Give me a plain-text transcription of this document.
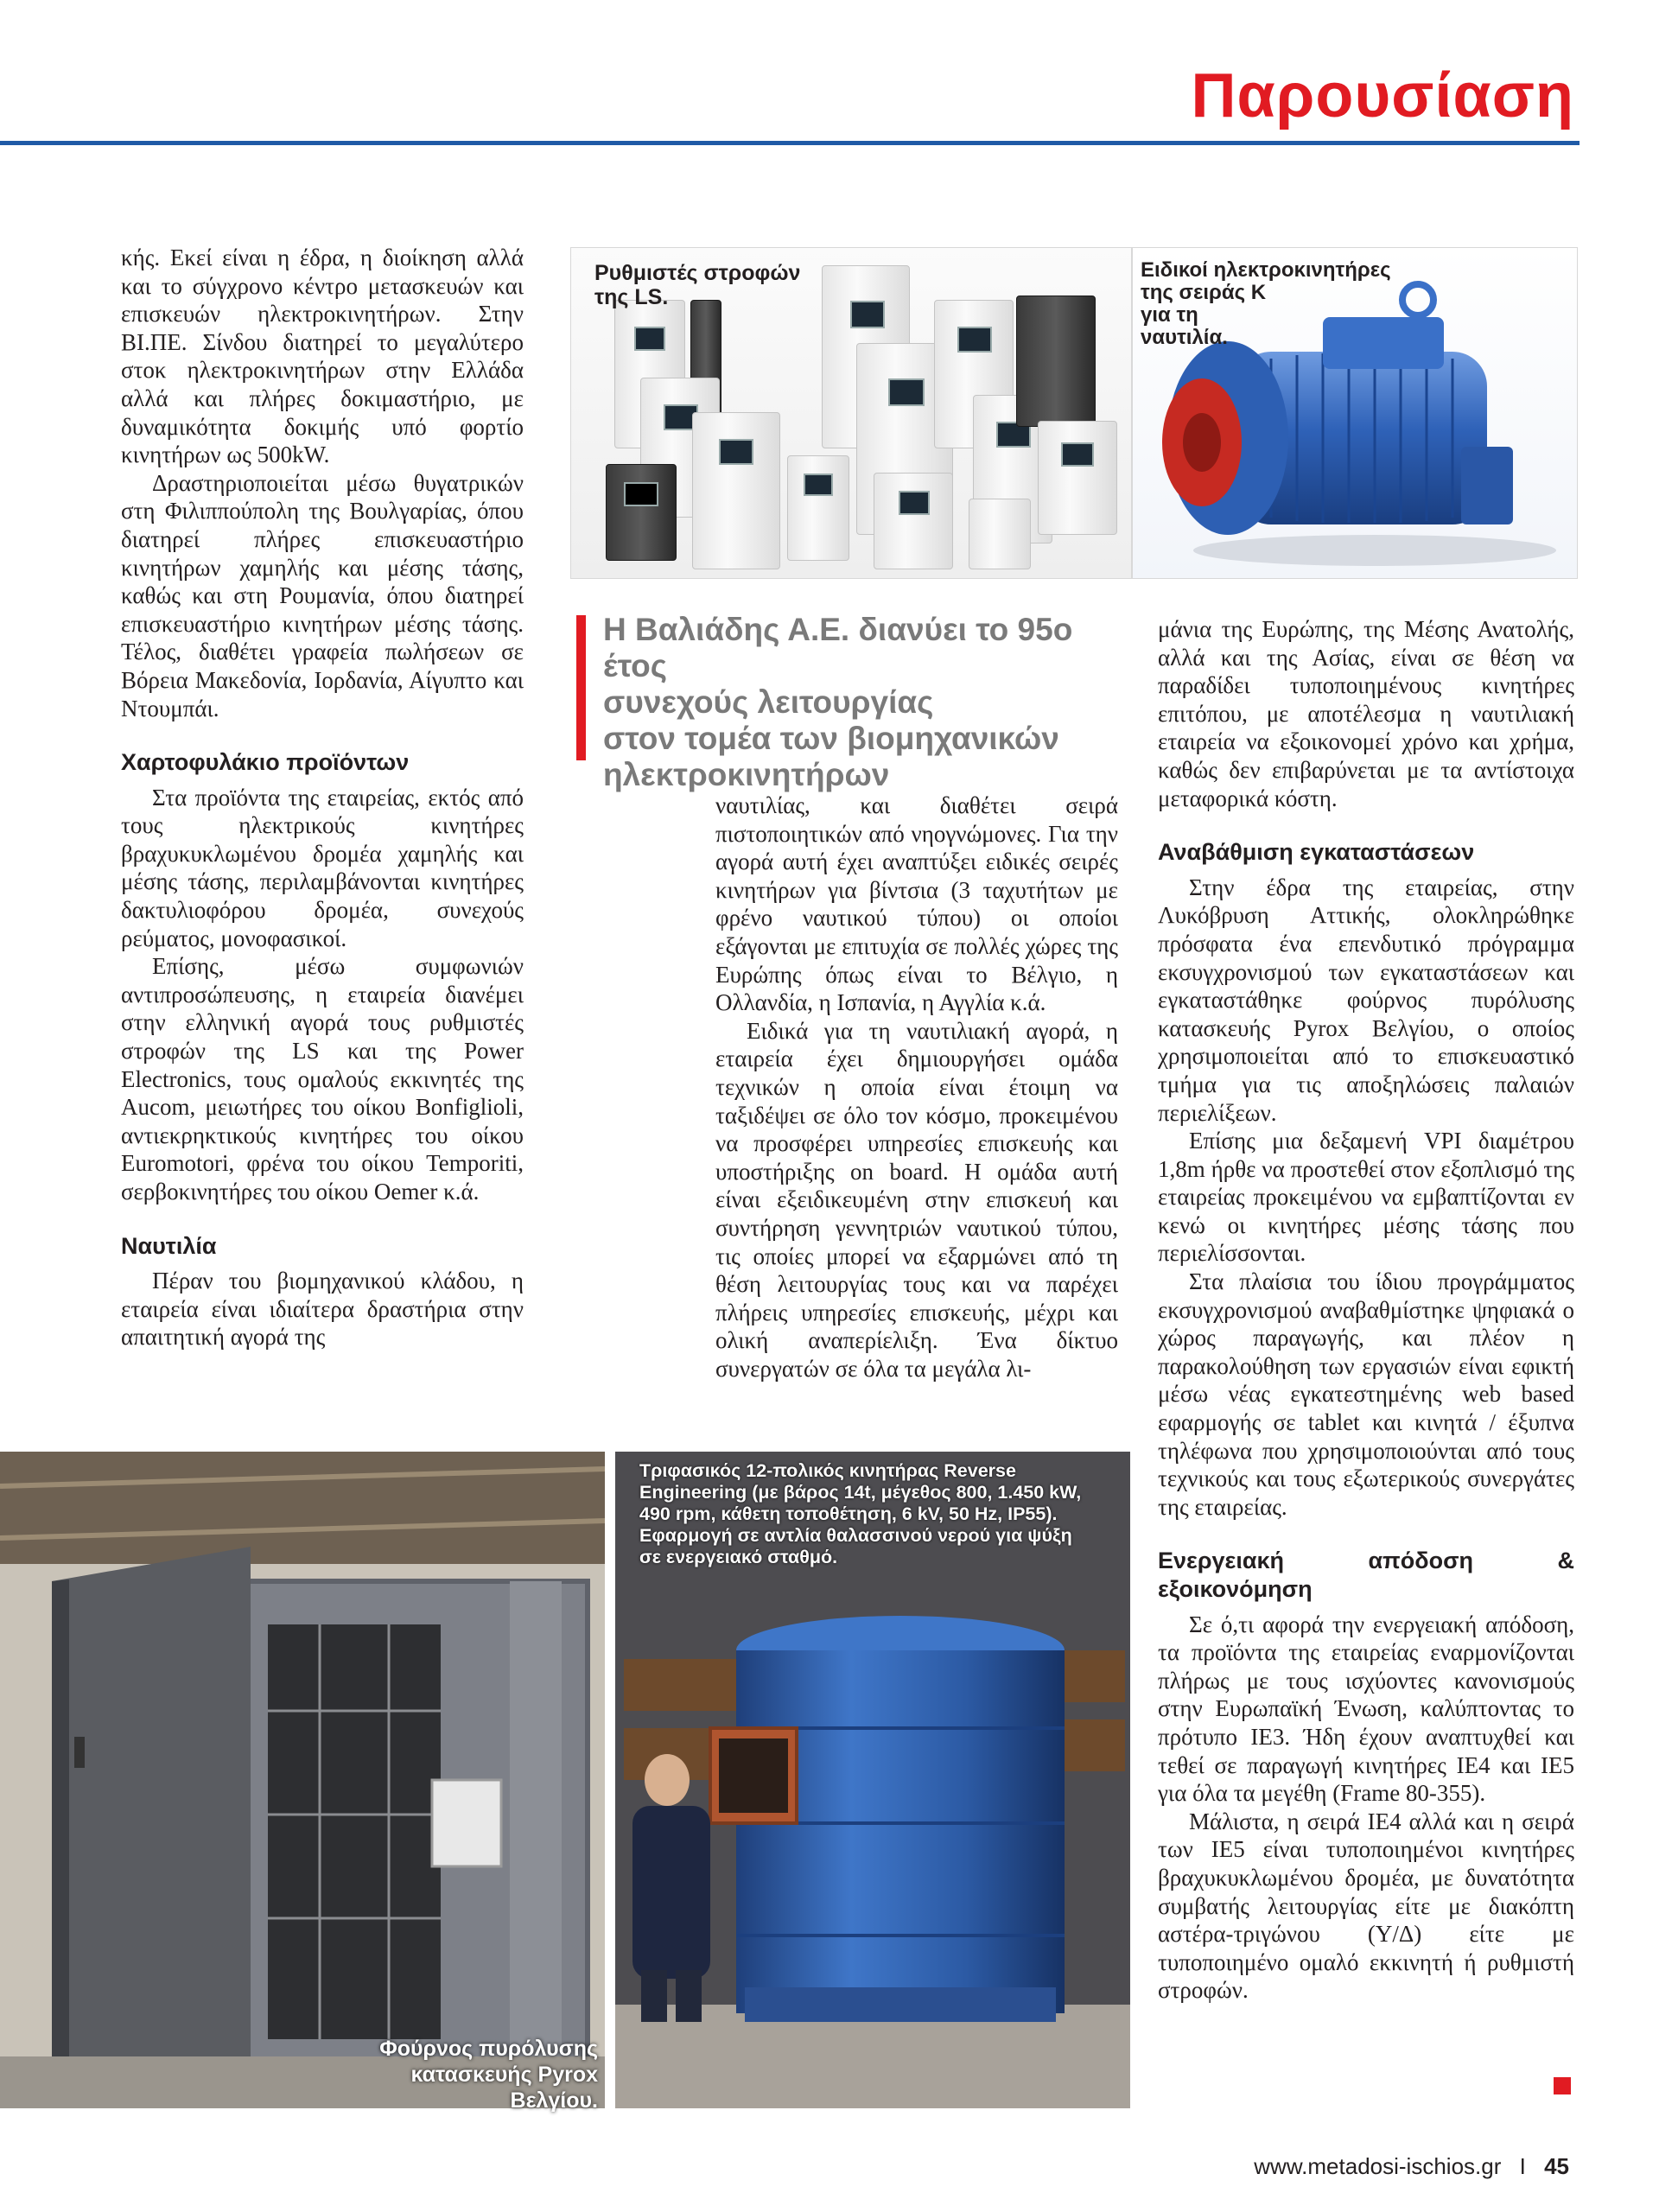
Παρουσίαση

κής. Εκεί είναι η έδρα, η διοίκηση αλλά και το σύγχρονο κέντρο μετασκευών και επισκευών ηλεκτροκινητήρων. Στην ΒΙ.ΠΕ. Σίνδου διατηρεί το μεγαλύτερο στοκ ηλεκτροκινητήρων στην Ελλάδα αλλά και πλήρες δοκιμαστήριο, με δυναμικότητα δοκιμής υπό φορτίο κινητήρων ως 500kW.

Δραστηριοποιείται μέσω θυγατρικών στη Φιλιππούπολη της Βουλγαρίας, όπου διατηρεί πλήρες επισκευαστήριο κινητήρων χαμηλής και μέσης τάσης, καθώς και στη Ρουμανία, όπου διατηρεί επισκευαστήριο κινητήρων μέσης τάσης. Τέλος, διαθέτει γραφεία πωλήσεων σε Βόρεια Μακεδονία, Ιορδανία, Αίγυπτο και Ντουμπάι.

Χαρτοφυλάκιο προϊόντων

Στα προϊόντα της εταιρείας, εκτός από τους ηλεκτρικούς κινητήρες βραχυκυκλωμένου δρομέα χαμηλής και μέσης τάσης, περιλαμβάνονται κινητήρες δακτυλιοφόρου δρομέα, συνεχούς ρεύματος, μονοφασικοί.

Επίσης, μέσω συμφωνιών αντιπροσώπευσης, η εταιρεία διανέμει στην ελληνική αγορά τους ρυθμιστές στροφών της LS και της Power Electronics, τους ομαλούς εκκινητές της Aucom, μειωτήρες του οίκου Bonfiglioli, αντιεκρηκτικούς κινητήρες του οίκου Euromotori, φρένα του οίκου Temporiti, σερβοκινητήρες του οίκου Oemer κ.ά.

Ναυτιλία

Πέραν του βιομηχανικού κλάδου, η εταιρεία είναι ιδιαίτερα δραστήρια στην απαιτητική αγορά της

Ρυθμιστές στροφών
της LS.
Ειδικοί ηλεκτροκινητήρες
της σειράς K
για τη
ναυτιλία.
Η Βαλιάδης Α.Ε. διανύει το 95ο έτος
συνεχούς λειτουργίας
στον τομέα των βιομηχανικών
ηλεκτροκινητήρων

ναυτιλίας, και διαθέτει σειρά πιστοποιητικών από νηογνώμονες. Για την αγορά αυτή έχει αναπτύξει ειδικές σειρές κινητήρων για βίντσια (3 ταχυτήτων με φρένο ναυτικού τύπου) οι οποίοι εξάγονται με επιτυχία σε πολλές χώρες της Ευρώπης όπως είναι το Βέλγιο, η Ολλανδία, η Ισπανία, η Αγγλία κ.ά.

Ειδικά για τη ναυτιλιακή αγορά, η εταιρεία έχει δημιουργήσει ομάδα τεχνικών η οποία είναι έτοιμη να ταξιδέψει σε όλο τον κόσμο, προκειμένου να προσφέρει υπηρεσίες επισκευής και υποστήριξης on board. Η ομάδα αυτή είναι εξειδικευμένη στην επισκευή και συντήρηση γεννητριών ναυτικού τύπου, τις οποίες μπορεί να εξαρμώνει από τη θέση λειτουργίας τους και να παρέχει πλήρεις υπηρεσίες επισκευής, μέχρι και ολική αναπερίελιξη. Ένα δίκτυο συνεργατών σε όλα τα μεγάλα λι-

μάνια της Ευρώπης, της Μέσης Ανατολής, αλλά και της Ασίας, είναι σε θέση να παραδίδει τυποποιημένους κινητήρες επιτόπου, με αποτέλεσμα η ναυτιλιακή εταιρεία να εξοικονομεί χρόνο και χρήμα, καθώς δεν επιβαρύνεται με τα αντίστοιχα μεταφορικά κόστη.

Αναβάθμιση εγκαταστάσεων

Στην έδρα της εταιρείας, στην Λυκόβρυση Αττικής, ολοκληρώθηκε πρόσφατα ένα επενδυτικό πρόγραμμα εκσυγχρονισμού των εγκαταστάσεων και εγκαταστάθηκε φούρνος πυρόλυσης κατασκευής Pyrox Βελγίου, ο οποίος χρησιμοποιείται από το επισκευαστικό τμήμα για τις αποξηλώσεις παλαιών περιελίξεων.

Επίσης μια δεξαμενή VPI διαμέτρου 1,8m ήρθε να προστεθεί στον εξοπλισμό της εταιρείας προκειμένου να εμβαπτίζονται εν κενώ οι κινητήρες μέσης τάσης που περιελίσσονται.

Στα πλαίσια του ίδιου προγράμματος εκσυγχρονισμού αναβαθμίστηκε ψηφιακά ο χώρος παραγωγής, και πλέον η παρακολούθηση των εργασιών είναι εφικτή μέσω νέας εγκατεστημένης web based εφαρμογής σε tablet και κινητά / έξυπνα τηλέφωνα που χρησιμοποιούνται από τους τεχνικούς και τους εξωτερικούς συνεργάτες της εταιρείας.

Ενεργειακή απόδοση & εξοικονόμηση

Σε ό,τι αφορά την ενεργειακή απόδοση, τα προϊόντα της εταιρείας εναρμονίζονται πλήρως με τους ισχύοντες κανονισμούς στην Ευρωπαϊκή Ένωση, καλύπτοντας το πρότυπο IE3. Ήδη έχουν αναπτυχθεί και τεθεί σε παραγωγή κινητήρες IE4 και IE5 για όλα τα μεγέθη (Frame 80-355).

Μάλιστα, η σειρά IE4 αλλά και η σειρά των IE5 είναι τυποποιημένοι κινητήρες βραχυκυκλωμένου δρομέα, με δυνατότητα συμβατής λειτουργίας είτε με διακόπτη αστέρα-τριγώνου (Y/Δ) είτε με τυποποιημένο ομαλό εκκινητή ή ρυθμιστή στροφών.

Φούρνος πυρόλυσης
κατασκευής Pyrox Βελγίου.
Τριφασικός 12-πολικός κινητήρας Reverse
Engineering (με βάρος 14t, μέγεθος 800, 1.450 kW,
490 rpm, κάθετη τοποθέτηση, 6 kV, 50 Hz, IP55).
Εφαρμογή σε αντλία θαλασσινού νερού για ψύξη
σε ενεργειακό σταθμό.
www.metadosi-ischios.gr I 45
